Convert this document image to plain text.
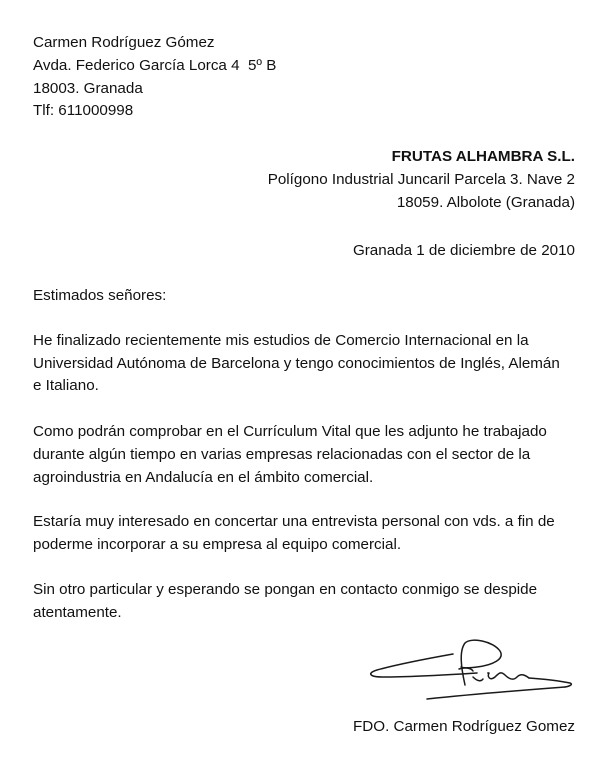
Carmen Rodríguez Gómez
Avda. Federico García Lorca 4  5º B
18003. Granada
Tlf: 611000998
FRUTAS ALHAMBRA S.L.
Polígono Industrial Juncaril Parcela 3. Nave 2
18059. Albolote (Granada)
Granada 1 de diciembre de 2010
Estimados señores:
He finalizado recientemente mis estudios de Comercio Internacional en la
Universidad Autónoma de Barcelona y tengo conocimientos de Inglés, Alemán
e Italiano.
Como podrán comprobar en el Currículum Vital que les adjunto he trabajado
durante algún tiempo en varias empresas relacionadas con el sector de la
agroindustria en Andalucía en el ámbito comercial.
Estaría muy interesado en concertar una entrevista personal con vds. a fin de
poderme incorporar a su empresa al equipo comercial.
Sin otro particular y esperando se pongan en contacto conmigo se despide
atentamente.
FDO. Carmen Rodríguez Gomez
